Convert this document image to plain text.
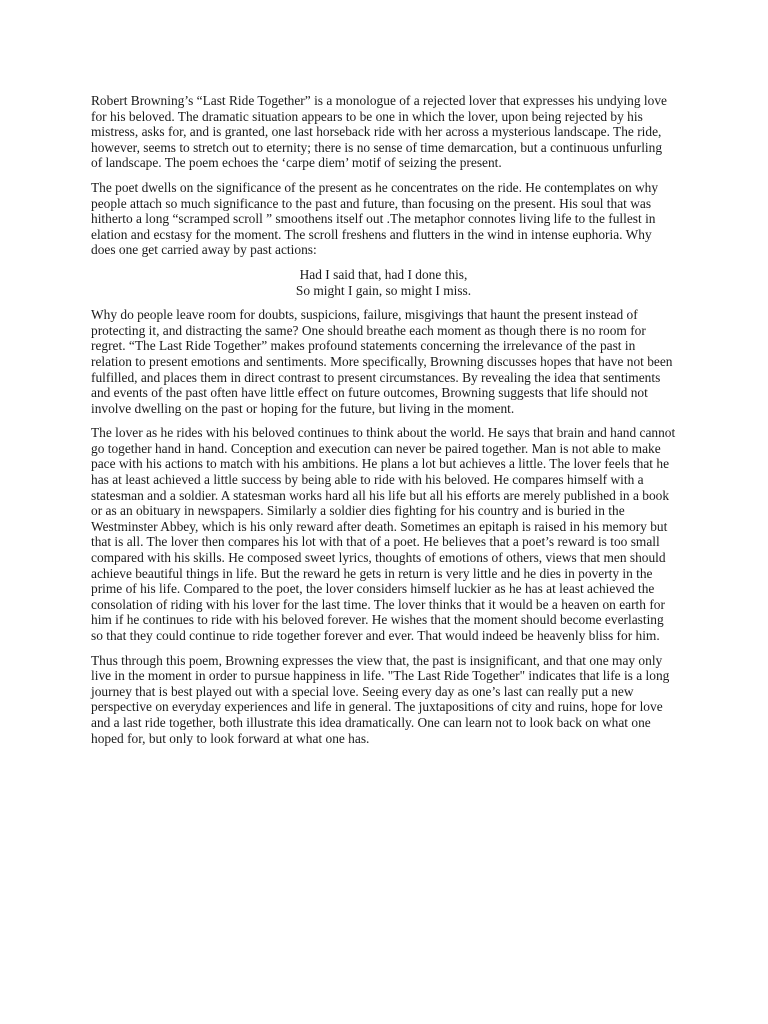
Robert Browning’s “Last Ride Together” is a monologue of a rejected lover that expresses his undying love for his beloved. The dramatic situation appears to be one in which the lover, upon being rejected by his mistress, asks for, and is granted, one last horseback ride with her across a mysterious landscape. The ride, however, seems to stretch out to eternity; there is no sense of time demarcation, but a continuous unfurling of landscape. The poem echoes the ‘carpe diem’ motif of seizing the present.

The poet dwells on the significance of the present as he concentrates on the ride. He contemplates on why people attach so much significance to the past and future, than focusing on the present. His soul that was hitherto a long “scramped scroll ” smoothens itself out .The metaphor connotes living life to the fullest in elation and ecstasy for the moment. The scroll freshens and flutters in the wind in intense euphoria. Why does one get carried away by past actions:

Had I said that, had I done this,
So might I gain, so might I miss.

Why do people leave room for doubts, suspicions, failure, misgivings that haunt the present instead of protecting it, and distracting the same? One should breathe each moment as though there is no room for regret. “The Last Ride Together” makes profound statements concerning the irrelevance of the past in relation to present emotions and sentiments. More specifically, Browning discusses hopes that have not been fulfilled, and places them in direct contrast to present circumstances. By revealing the idea that sentiments and events of the past often have little effect on future outcomes, Browning suggests that life should not involve dwelling on the past or hoping for the future, but living in the moment.

The lover as he rides with his beloved continues to think about the world. He says that brain and hand cannot go together hand in hand. Conception and execution can never be paired together. Man is not able to make pace with his actions to match with his ambitions. He plans a lot but achieves a little. The lover feels that he has at least achieved a little success by being able to ride with his beloved. He compares himself with a statesman and a soldier. A statesman works hard all his life but all his efforts are merely published in a book or as an obituary in newspapers. Similarly a soldier dies fighting for his country and is buried in the Westminster Abbey, which is his only reward after death. Sometimes an epitaph is raised in his memory but that is all. The lover then compares his lot with that of a poet. He believes that a poet’s reward is too small compared with his skills. He composed sweet lyrics, thoughts of emotions of others, views that men should achieve beautiful things in life. But the reward he gets in return is very little and he dies in poverty in the prime of his life. Compared to the poet, the lover considers himself luckier as he has at least achieved the consolation of riding with his lover for the last time. The lover thinks that it would be a heaven on earth for him if he continues to ride with his beloved forever. He wishes that the moment should become everlasting so that they could continue to ride together forever and ever. That would indeed be heavenly bliss for him.

Thus through this poem, Browning expresses the view that, the past is insignificant, and that one may only live in the moment in order to pursue happiness in life. "The Last Ride Together" indicates that life is a long journey that is best played out with a special love. Seeing every day as one’s last can really put a new perspective on everyday experiences and life in general. The juxtapositions of city and ruins, hope for love and a last ride together, both illustrate this idea dramatically. One can learn not to look back on what one hoped for, but only to look forward at what one has.
